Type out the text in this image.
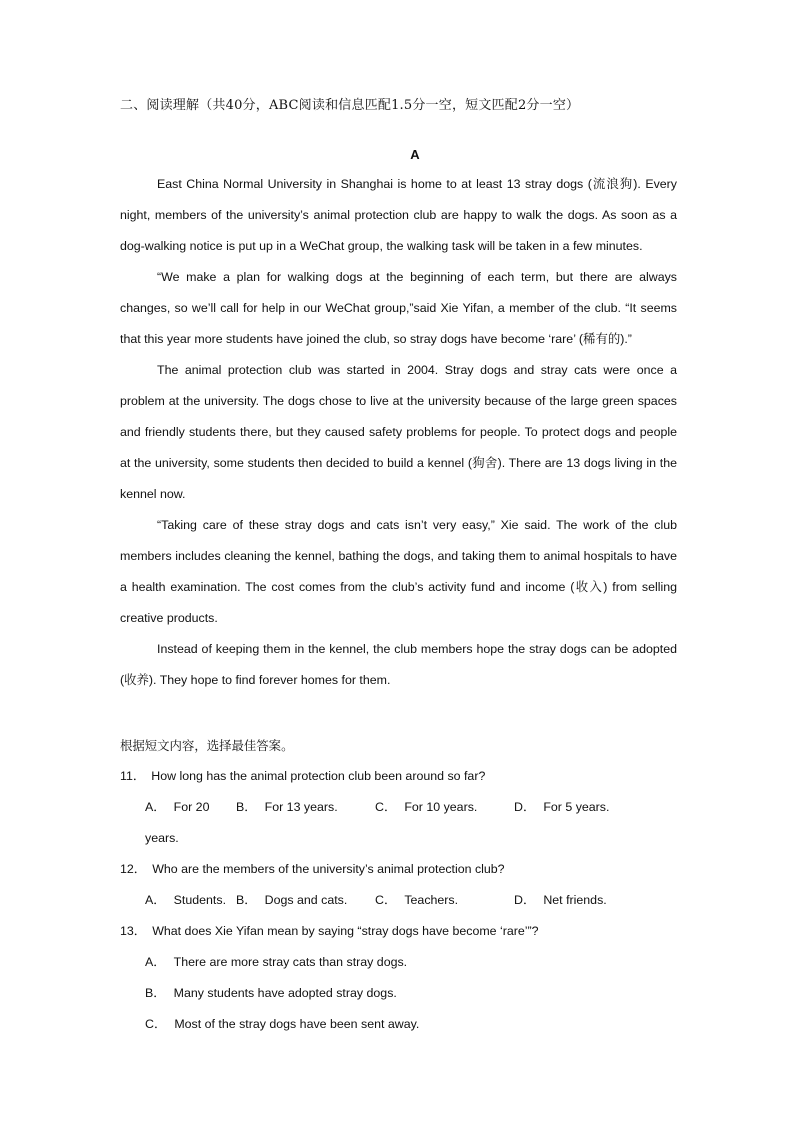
二、阅读理解（共40分，ABC阅读和信息匹配1.5分一空，短文匹配2分一空）
A

East China Normal University in Shanghai is home to at least 13 stray dogs (流浪狗). Every night, members of the university’s animal protection club are happy to walk the dogs. As soon as a dog-walking notice is put up in a WeChat group, the walking task will be taken in a few minutes.

“We make a plan for walking dogs at the beginning of each term, but there are always changes, so we’ll call for help in our WeChat group,”said Xie Yifan, a member of the club. “It seems that this year more students have joined the club, so stray dogs have become ‘rare’ (稀有的).”

The animal protection club was started in 2004. Stray dogs and stray cats were once a problem at the university. The dogs chose to live at the university because of the large green spaces and friendly students there, but they caused safety problems for people. To protect dogs and people at the university, some students then decided to build a kennel (狗舍). There are 13 dogs living in the kennel now.

“Taking care of these stray dogs and cats isn’t very easy,” Xie said. The work of the club members includes cleaning the kennel, bathing the dogs, and taking them to animal hospitals to have a health examination. The cost comes from the club’s activity fund and income (收入) from selling creative products.

Instead of keeping them in the kennel, the club members hope the stray dogs can be adopted (收养). They hope to find forever homes for them.

根据短文内容，选择最佳答案。

11． How long has the animal protection club been around so far?

A． For 20 years.
B． For 13 years.	C． For 10 years.	D． For 5 years.

12． Who are the members of the university’s animal protection club?

A． Students. B． Dogs and cats.	C． Teachers.	D． Net friends.

13． What does Xie Yifan mean by saying “stray dogs have become ‘rare’”?

A． There are more stray cats than stray dogs.

B． Many students have adopted stray dogs.

C． Most of the stray dogs have been sent away.
